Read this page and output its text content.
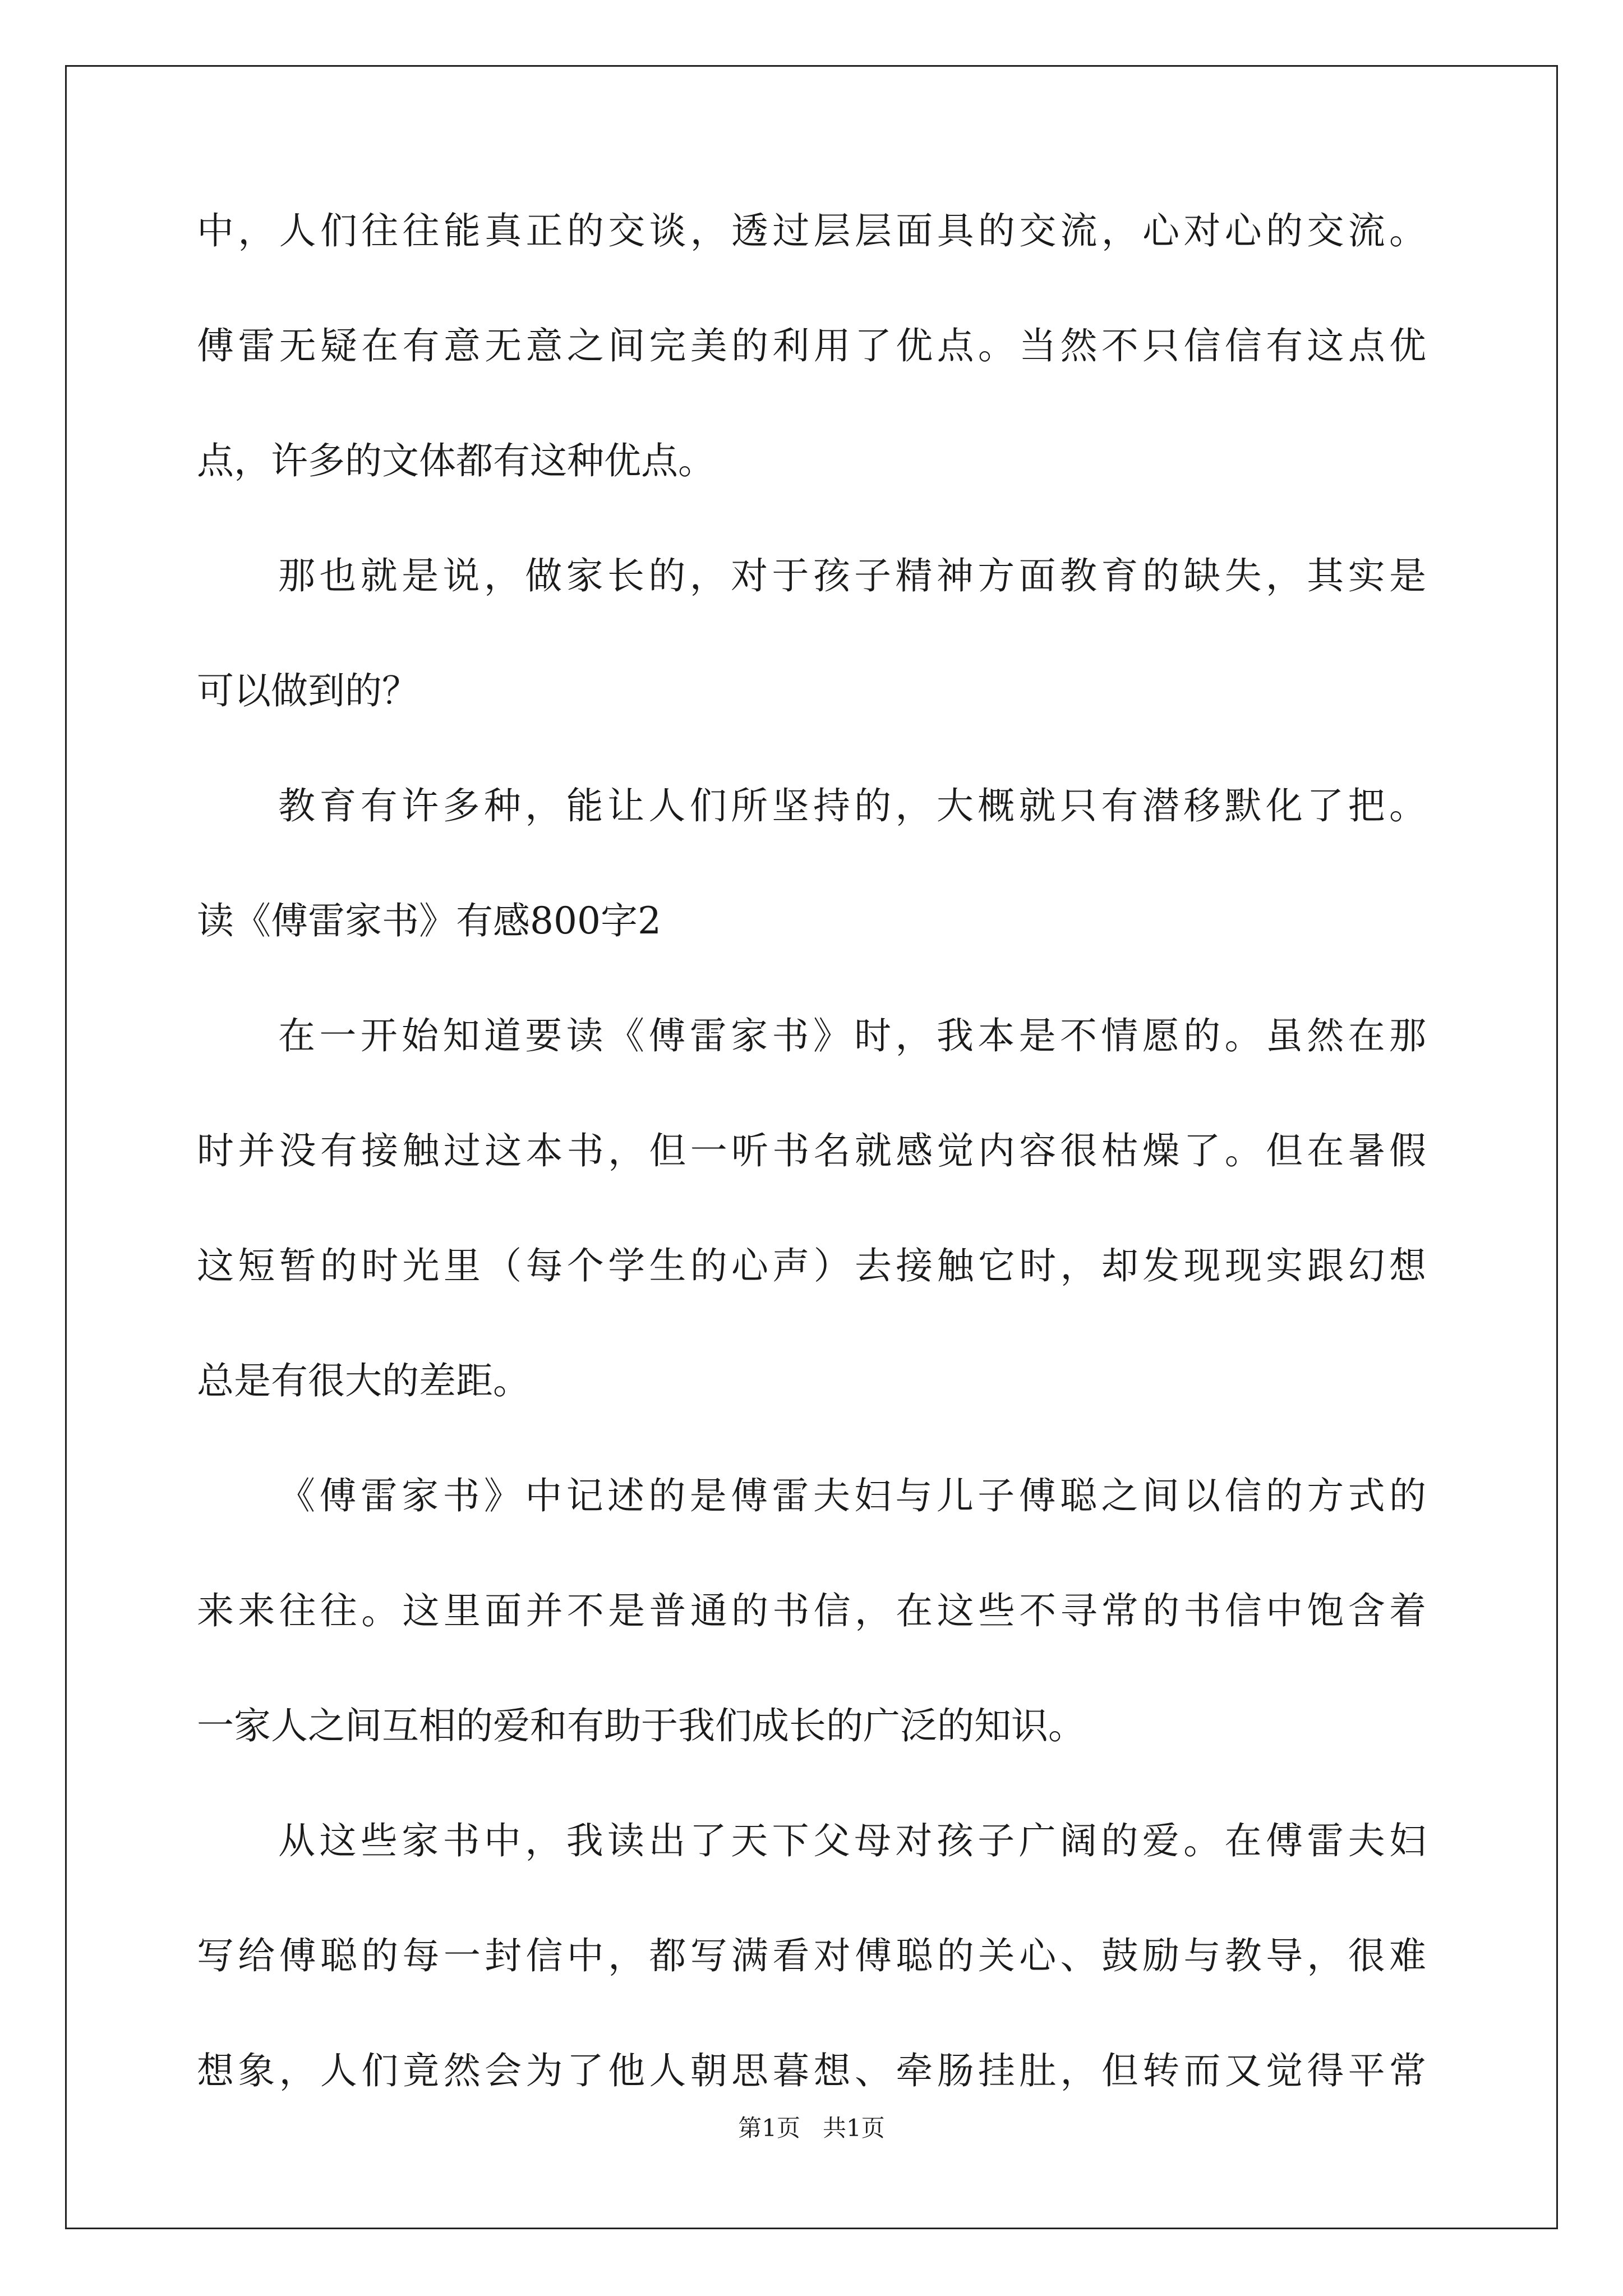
中，人们往往能真正的交谈，透过层层面具的交流，心对心的交流。
傅雷无疑在有意无意之间完美的利用了优点。当然不只信信有这点优
点，许多的文体都有这种优点。
那也就是说，做家长的，对于孩子精神方面教育的缺失，其实是
可以做到的？
教育有许多种，能让人们所坚持的，大概就只有潜移默化了把。
读《傅雷家书》有感800字2
在一开始知道要读《傅雷家书》时，我本是不情愿的。虽然在那
时并没有接触过这本书，但一听书名就感觉内容很枯燥了。但在暑假
这短暂的时光里（每个学生的心声）去接触它时，却发现现实跟幻想
总是有很大的差距。
《傅雷家书》中记述的是傅雷夫妇与儿子傅聪之间以信的方式的
来来往往。这里面并不是普通的书信，在这些不寻常的书信中饱含着
一家人之间互相的爱和有助于我们成长的广泛的知识。
从这些家书中，我读出了天下父母对孩子广阔的爱。在傅雷夫妇
写给傅聪的每一封信中，都写满看对傅聪的关心、鼓励与教导，很难
想象，人们竟然会为了他人朝思暮想、牵肠挂肚，但转而又觉得平常
第1页   共1页
